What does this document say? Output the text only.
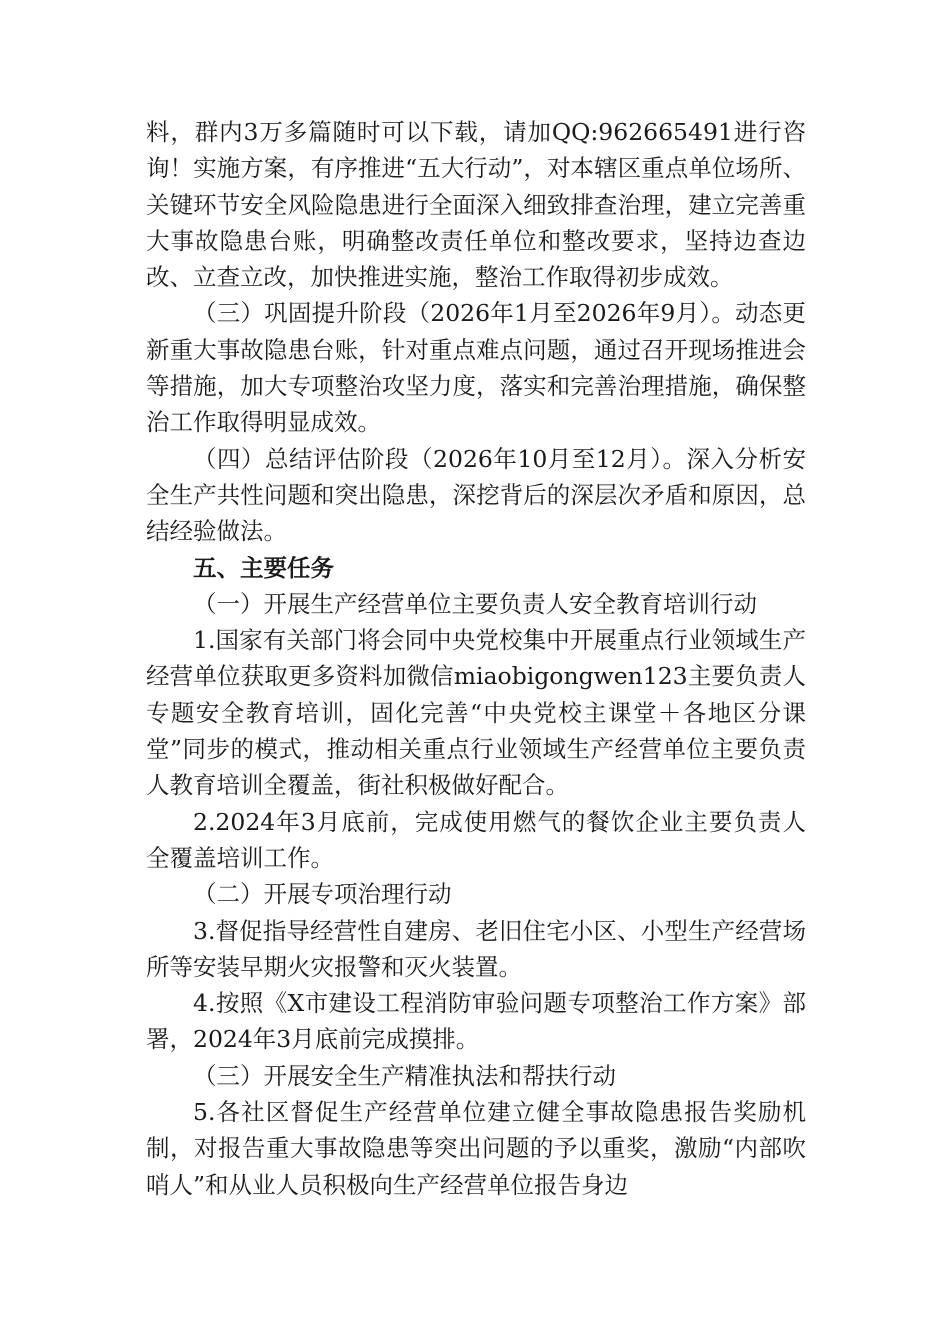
料，群内3万多篇随时可以下载，请加QQ:962665491进行咨询！实施方案，有序推进“五大行动”，对本辖区重点单位场所、关键环节安全风险隐患进行全面深入细致排查治理，建立完善重大事故隐患台账，明确整改责任单位和整改要求，坚持边查边改、立查立改，加快推进实施，整治工作取得初步成效。

（三）巩固提升阶段（2026年1月至2026年9月）。动态更新重大事故隐患台账，针对重点难点问题，通过召开现场推进会等措施，加大专项整治攻坚力度，落实和完善治理措施，确保整治工作取得明显成效。

（四）总结评估阶段（2026年10月至12月）。深入分析安全生产共性问题和突出隐患，深挖背后的深层次矛盾和原因，总结经验做法。

五、主要任务

（一）开展生产经营单位主要负责人安全教育培训行动

1.国家有关部门将会同中央党校集中开展重点行业领域生产经营单位获取更多资料加微信miaobigongwen123主要负责人专题安全教育培训，固化完善“中央党校主课堂＋各地区分课堂”同步的模式，推动相关重点行业领域生产经营单位主要负责人教育培训全覆盖，街社积极做好配合。

2.2024年3月底前，完成使用燃气的餐饮企业主要负责人全覆盖培训工作。

（二）开展专项治理行动

3.督促指导经营性自建房、老旧住宅小区、小型生产经营场所等安装早期火灾报警和灭火装置。

4.按照《X市建设工程消防审验问题专项整治工作方案》部署，2024年3月底前完成摸排。

（三）开展安全生产精准执法和帮扶行动

5.各社区督促生产经营单位建立健全事故隐患报告奖励机制，对报告重大事故隐患等突出问题的予以重奖，激励“内部吹哨人”和从业人员积极向生产经营单位报告身边
